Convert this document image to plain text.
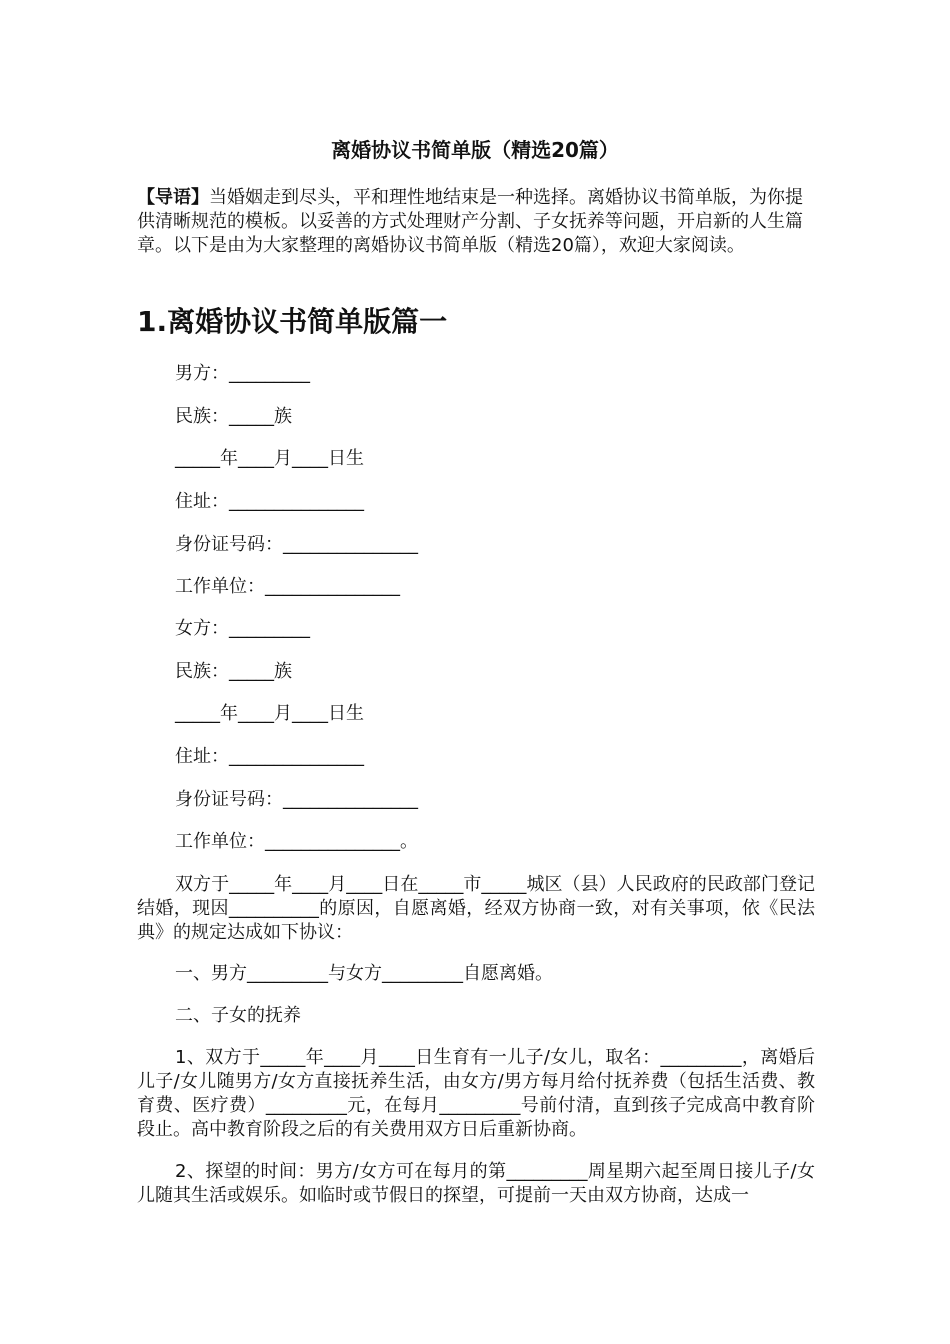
离婚协议书简单版（精选20篇）

【导语】当婚姻走到尽头，平和理性地结束是一种选择。离婚协议书简单版，为你提供清晰规范的模板。以妥善的方式处理财产分割、子女抚养等问题，开启新的人生篇章。以下是由为大家整理的离婚协议书简单版（精选20篇），欢迎大家阅读。

1.离婚协议书简单版篇一

男方：_________

民族：_____族

_____年____月____日生

住址：_______________

身份证号码：_______________

工作单位：_______________

女方：_________

民族：_____族

_____年____月____日生

住址：_______________

身份证号码：_______________

工作单位：_______________。

双方于_____年____月____日在_____市_____城区（县）人民政府的民政部门登记结婚，现因__________的原因，自愿离婚，经双方协商一致，对有关事项，依《民法典》的规定达成如下协议：

一、男方_________与女方_________自愿离婚。

二、子女的抚养

1、双方于_____年____月____日生育有一儿子/女儿，取名：_________，离婚后儿子/女儿随男方/女方直接抚养生活，由女方/男方每月给付抚养费（包括生活费、教育费、医疗费）_________元，在每月_________号前付清，直到孩子完成高中教育阶段止。高中教育阶段之后的有关费用双方日后重新协商。

2、探望的时间：男方/女方可在每月的第_________周星期六起至周日接儿子/女儿随其生活或娱乐。如临时或节假日的探望，可提前一天由双方协商，达成一
